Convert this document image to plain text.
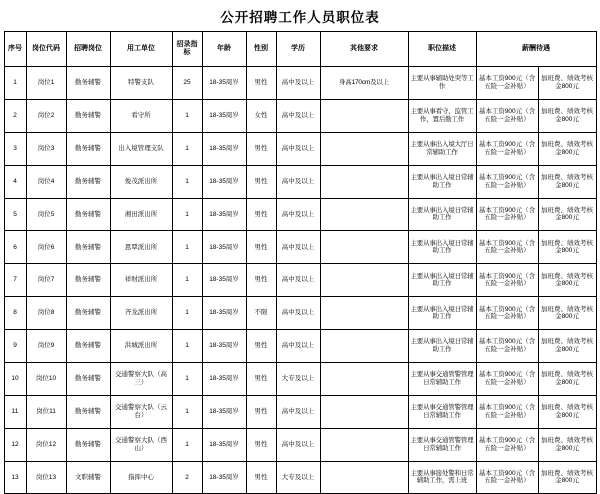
公开招聘工作人员职位表
序号	岗位代码	招聘岗位	用工单位	招录指标	年龄	性别	学历	其他要求	职位描述	薪酬待遇		
1	岗位1	勤务辅警	特警支队	25	18-35周岁	男性	高中及以上	身高170cm及以上	主要从事辅助处突等工作	基本工资900元（含五险一金补贴）	加班费、绩效考核金800元	
2	岗位2	勤务辅警	看守所	1	18-35周岁	女性	高中及以上		主要从事看守、监管工作，置后勤工作	基本工资900元（含五险一金补贴）	加班费、绩效考核金800元	
3	岗位3	勤务辅警	出入境管理支队	1	18-35周岁	男性	高中及以上		主要从事出入境大厅日常辅助工作	基本工资900元（含五险一金补贴）	加班费、绩效考核金800元	
4	岗位4	勤务辅警	俊茂派出所	1	18-35周岁	男性	高中及以上		主要从事出入境日常辅助工作	基本工资900元（含五险一金补贴）	加班费、绩效考核金800元	
5	岗位5	勤务辅警	湘田派出所	1	18-35周岁	男性	高中及以上		主要从事出入境日常辅助工作	基本工资900元（含五险一金补贴）	加班费、绩效考核金800元	
6	岗位6	勤务辅警	恩覃派出所	1	18-35周岁	男性	高中及以上		主要从事出入境日常辅助工作	基本工资900元（含五险一金补贴）	加班费、绩效考核金800元	
7	岗位7	勤务辅警	祥财派出所	1	18-35周岁	男性	高中及以上		主要从事出入境日常辅助工作	基本工资900元（含五险一金补贴）	加班费、绩效考核金800元	
8	岗位8	勤务辅警	齐龙派出所	1	18-35周岁	不限	高中及以上		主要从事出入境日常辅助工作	基本工资900元（含五险一金补贴）	加班费、绩效考核金800元	
9	岗位9	勤务辅警	洪城派出所	1	18-35周岁	男性	高中及以上		主要从事出入境日常辅助工作	基本工资900元（含五险一金补贴）	加班费、绩效考核金800元	
10	岗位10	勤务辅警	交通警察大队（高三）	1	18-35周岁	男性	大专及以上		主要从事交通管警管理日常辅助工作	基本工资900元（含五险一金补贴）	加班费、绩效考核金800元	
11	岗位11	勤务辅警	交通警察大队（云台）	1	18-35周岁	男性	高中及以上		主要从事交通管警管理日常辅助工作	基本工资900元（含五险一金补贴）	加班费、绩效考核金800元	
12	岗位12	勤务辅警	交通警察大队（西山）	1	18-35周岁	男性	高中及以上		主要从事交通管警管理日常辅助工作	基本工资900元（含五险一金补贴）	加班费、绩效考核金800元	
13	岗位13	文职辅警	指挥中心	2	18-35周岁	男性	大专及以上		主要从事接处警和日常辅助工作，需上班	基本工资900元（含五险一金补贴）	加班费、绩效考核金800元	
